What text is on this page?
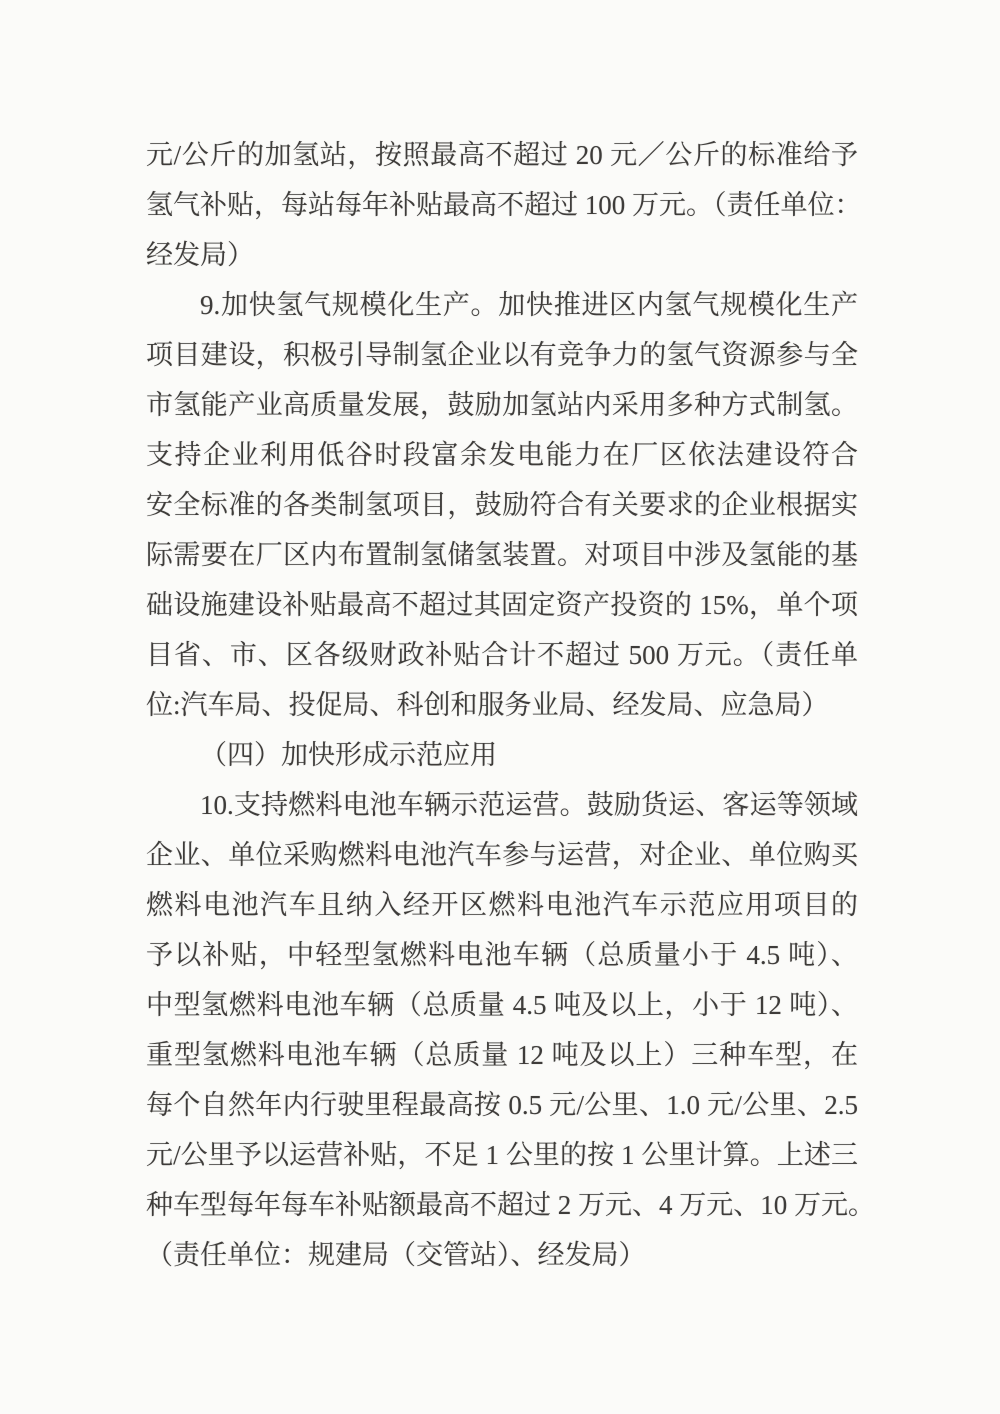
元/公斤的加氢站，按照最高不超过 20 元／公斤的标准给予
氢气补贴，每站每年补贴最高不超过 100 万元。（责任单位：
经发局）
9.加快氢气规模化生产。加快推进区内氢气规模化生产
项目建设，积极引导制氢企业以有竞争力的氢气资源参与全
市氢能产业高质量发展，鼓励加氢站内采用多种方式制氢。
支持企业利用低谷时段富余发电能力在厂区依法建设符合
安全标准的各类制氢项目，鼓励符合有关要求的企业根据实
际需要在厂区内布置制氢储氢装置。对项目中涉及氢能的基
础设施建设补贴最高不超过其固定资产投资的 15%，单个项
目省、市、区各级财政补贴合计不超过 500 万元。（责任单
位:汽车局、投促局、科创和服务业局、经发局、应急局）
（四）加快形成示范应用
10.支持燃料电池车辆示范运营。鼓励货运、客运等领域
企业、单位采购燃料电池汽车参与运营，对企业、单位购买
燃料电池汽车且纳入经开区燃料电池汽车示范应用项目的
予以补贴，中轻型氢燃料电池车辆（总质量小于 4.5 吨）、
中型氢燃料电池车辆（总质量 4.5 吨及以上，小于 12 吨）、
重型氢燃料电池车辆（总质量 12 吨及以上）三种车型，在
每个自然年内行驶里程最高按 0.5 元/公里、1.0 元/公里、2.5
元/公里予以运营补贴，不足 1 公里的按 1 公里计算。上述三
种车型每年每车补贴额最高不超过 2 万元、4 万元、10 万元。
（责任单位：规建局（交管站）、经发局）
